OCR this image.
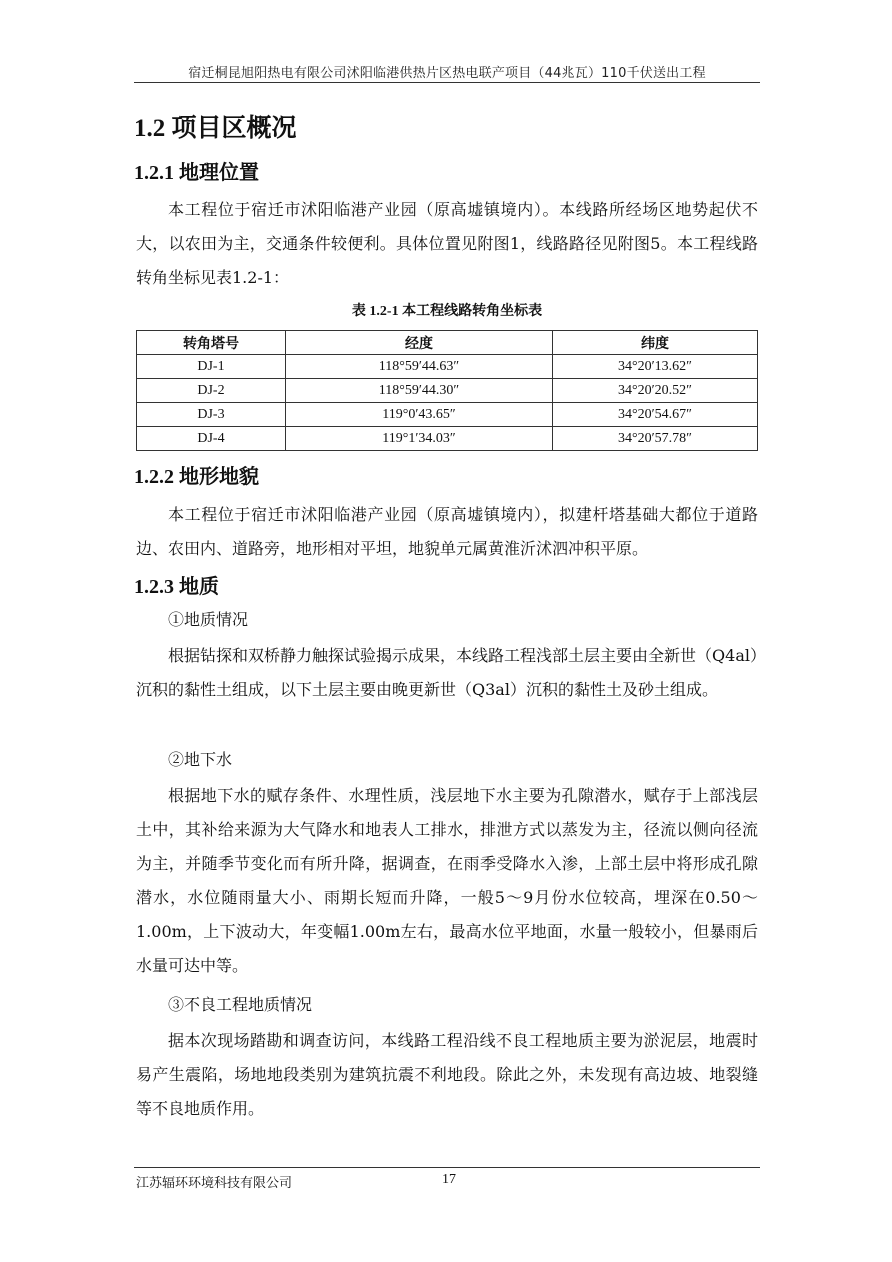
宿迁桐昆旭阳热电有限公司沭阳临港供热片区热电联产项目（44兆瓦）110千伏送出工程
1.2 项目区概况
1.2.1 地理位置

本工程位于宿迁市沭阳临港产业园（原高墟镇境内）。本线路所经场区地势起伏不大，以农田为主，交通条件较便利。具体位置见附图1，线路路径见附图5。本工程线路转角坐标见表1.2-1：

表 1.2-1 本工程线路转角坐标表
转角塔号	经度	纬度
DJ-1	118°59′44.63″	34°20′13.62″
DJ-2	118°59′44.30″	34°20′20.52″
DJ-3	119°0′43.65″	34°20′54.67″
DJ-4	119°1′34.03″	34°20′57.78″
1.2.2 地形地貌

本工程位于宿迁市沭阳临港产业园（原高墟镇境内），拟建杆塔基础大都位于道路边、农田内、道路旁，地形相对平坦，地貌单元属黄淮沂沭泗冲积平原。

1.2.3 地质

①地质情况

根据钻探和双桥静力触探试验揭示成果，本线路工程浅部土层主要由全新世（Q4al）沉积的黏性土组成，以下土层主要由晚更新世（Q3al）沉积的黏性土及砂土组成。

②地下水

根据地下水的赋存条件、水理性质，浅层地下水主要为孔隙潜水，赋存于上部浅层土中，其补给来源为大气降水和地表人工排水，排泄方式以蒸发为主，径流以侧向径流为主，并随季节变化而有所升降，据调查，在雨季受降水入渗，上部土层中将形成孔隙潜水，水位随雨量大小、雨期长短而升降，一般5～9月份水位较高，埋深在0.50～1.00m，上下波动大，年变幅1.00m左右，最高水位平地面，水量一般较小，但暴雨后水量可达中等。

③不良工程地质情况

据本次现场踏勘和调查访问，本线路工程沿线不良工程地质主要为淤泥层，地震时易产生震陷，场地地段类别为建筑抗震不利地段。除此之外，未发现有高边坡、地裂缝等不良地质作用。

江苏辐环环境科技有限公司	17
